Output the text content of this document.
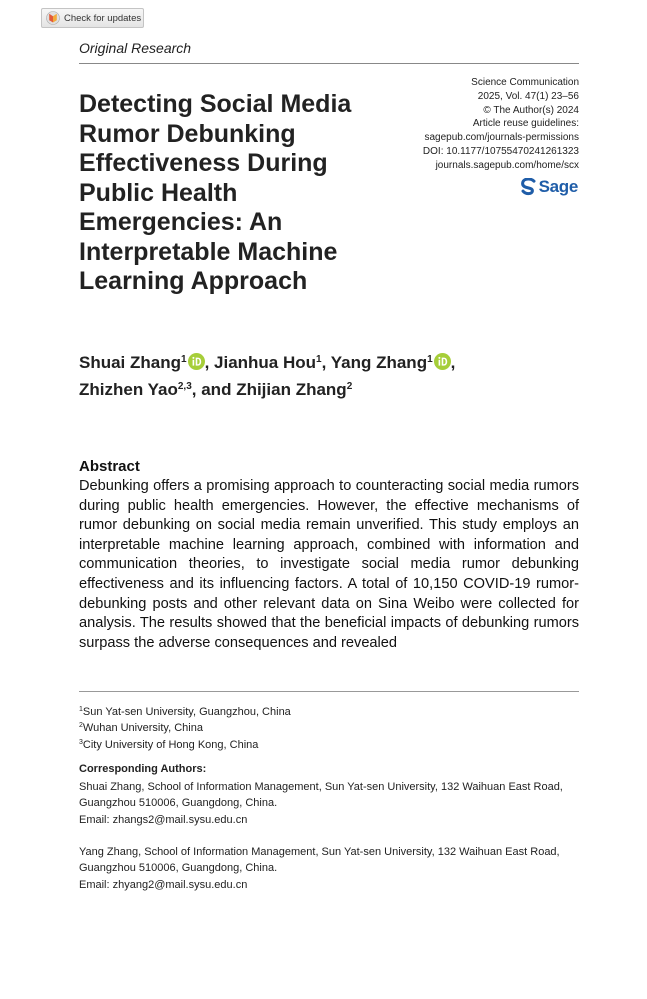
Check for updates
Original Research
Detecting Social Media Rumor Debunking Effectiveness During Public Health Emergencies: An Interpretable Machine Learning Approach
Science Communication
2025, Vol. 47(1) 23–56
© The Author(s) 2024
Article reuse guidelines:
sagepub.com/journals-permissions
DOI: 10.1177/10755470241261323
journals.sagepub.com/home/scx
Sage
Shuai Zhang$^1$ , Jianhua Hou$^1$, Yang Zhang$^1$ ,
Zhizhen Yao$^{2,3}$, and Zhijian Zhang$^2$
Abstract

Debunking offers a promising approach to counteracting social media rumors during public health emergencies. However, the effective mechanisms of rumor debunking on social media remain unverified. This study employs an interpretable machine learning approach, combined with information and communication theories, to investigate social media rumor debunking effectiveness and its influencing factors. A total of 10,150 COVID-19 rumor-debunking posts and other relevant data on Sina Weibo were collected for analysis. The results showed that the beneficial impacts of debunking rumors surpass the adverse consequences and revealed

$^1$Sun Yat-sen University, Guangzhou, China
$^2$Wuhan University, China
$^3$City University of Hong Kong, China
Corresponding Authors:
Shuai Zhang, School of Information Management, Sun Yat-sen University, 132 Waihuan East Road, Guangzhou 510006, Guangdong, China.
Email: zhangs2@mail.sysu.edu.cn
Yang Zhang, School of Information Management, Sun Yat-sen University, 132 Waihuan East Road, Guangzhou 510006, Guangdong, China.
Email: zhyang2@mail.sysu.edu.cn
